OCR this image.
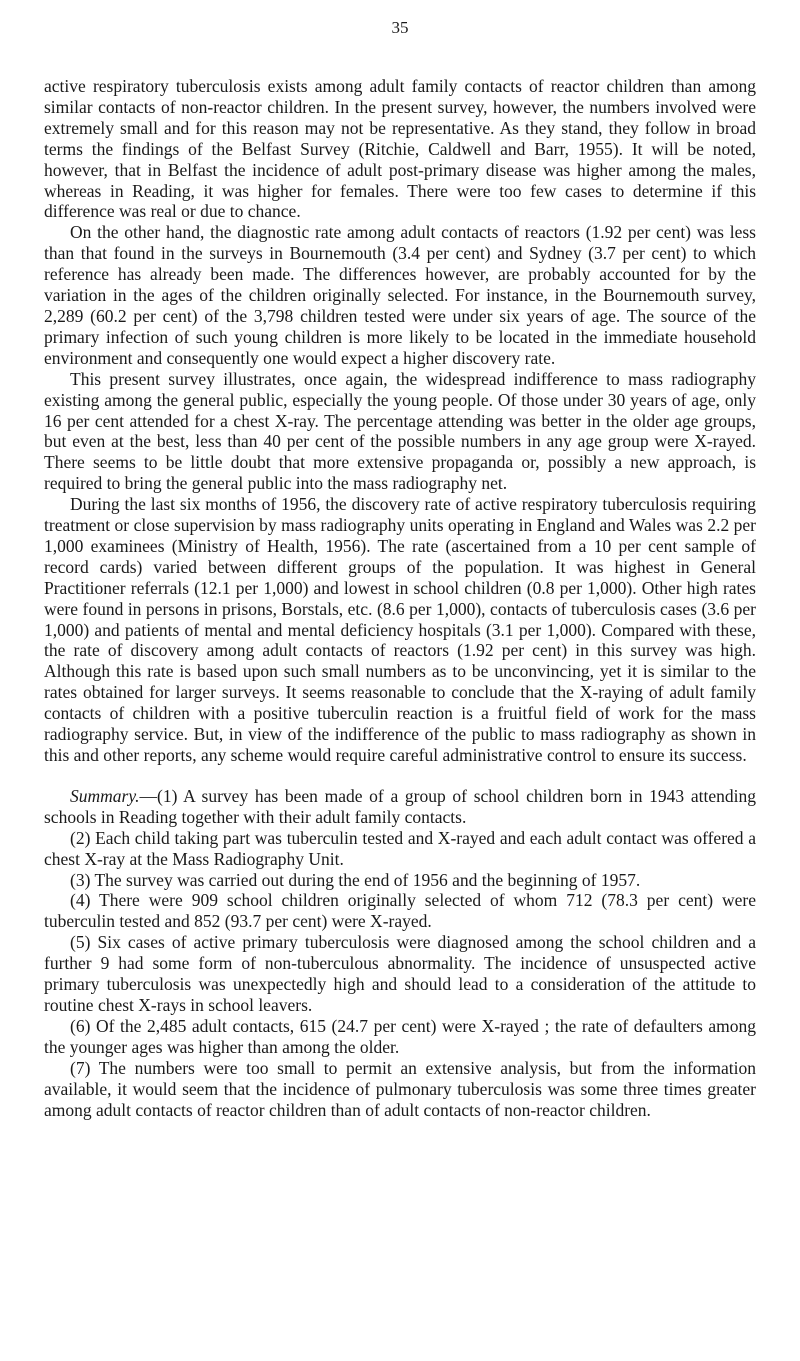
35

active respiratory tuberculosis exists among adult family contacts of reactor children than among similar contacts of non-reactor children. In the present survey, however, the numbers involved were extremely small and for this reason may not be representative. As they stand, they follow in broad terms the findings of the Belfast Survey (Ritchie, Caldwell and Barr, 1955). It will be noted, however, that in Belfast the incidence of adult post-primary disease was higher among the males, whereas in Reading, it was higher for females. There were too few cases to determine if this difference was real or due to chance.

On the other hand, the diagnostic rate among adult contacts of reactors (1.92 per cent) was less than that found in the surveys in Bournemouth (3.4 per cent) and Sydney (3.7 per cent) to which reference has already been made. The differences however, are probably accounted for by the variation in the ages of the children originally selected. For instance, in the Bournemouth survey, 2,289 (60.2 per cent) of the 3,798 children tested were under six years of age. The source of the primary infection of such young children is more likely to be located in the immediate household environment and consequently one would expect a higher discovery rate.

This present survey illustrates, once again, the widespread indifference to mass radiography existing among the general public, especially the young people. Of those under 30 years of age, only 16 per cent attended for a chest X-ray. The percentage attending was better in the older age groups, but even at the best, less than 40 per cent of the possible numbers in any age group were X-rayed. There seems to be little doubt that more extensive propaganda or, possibly a new approach, is required to bring the general public into the mass radiography net.

During the last six months of 1956, the discovery rate of active respiratory tuberculosis requiring treatment or close supervision by mass radiography units operating in England and Wales was 2.2 per 1,000 examinees (Ministry of Health, 1956). The rate (ascertained from a 10 per cent sample of record cards) varied between different groups of the population. It was highest in General Practitioner referrals (12.1 per 1,000) and lowest in school children (0.8 per 1,000). Other high rates were found in persons in prisons, Borstals, etc. (8.6 per 1,000), contacts of tuberculosis cases (3.6 per 1,000) and patients of mental and mental deficiency hospitals (3.1 per 1,000). Compared with these, the rate of discovery among adult contacts of reactors (1.92 per cent) in this survey was high. Although this rate is based upon such small numbers as to be unconvincing, yet it is similar to the rates obtained for larger surveys. It seems reasonable to conclude that the X-raying of adult family contacts of children with a positive tuberculin reaction is a fruitful field of work for the mass radiography service. But, in view of the indifference of the public to mass radiography as shown in this and other reports, any scheme would require careful administrative control to ensure its success.

Summary.—(1) A survey has been made of a group of school children born in 1943 attending schools in Reading together with their adult family contacts.

(2) Each child taking part was tuberculin tested and X-rayed and each adult contact was offered a chest X-ray at the Mass Radiography Unit.

(3) The survey was carried out during the end of 1956 and the beginning of 1957.

(4) There were 909 school children originally selected of whom 712 (78.3 per cent) were tuberculin tested and 852 (93.7 per cent) were X-rayed.

(5) Six cases of active primary tuberculosis were diagnosed among the school children and a further 9 had some form of non-tuberculous abnormality. The incidence of unsuspected active primary tuberculosis was unexpectedly high and should lead to a consideration of the attitude to routine chest X-rays in school leavers.

(6) Of the 2,485 adult contacts, 615 (24.7 per cent) were X-rayed ; the rate of defaulters among the younger ages was higher than among the older.

(7) The numbers were too small to permit an extensive analysis, but from the information available, it would seem that the incidence of pulmonary tuberculosis was some three times greater among adult contacts of reactor children than of adult contacts of non-reactor children.
